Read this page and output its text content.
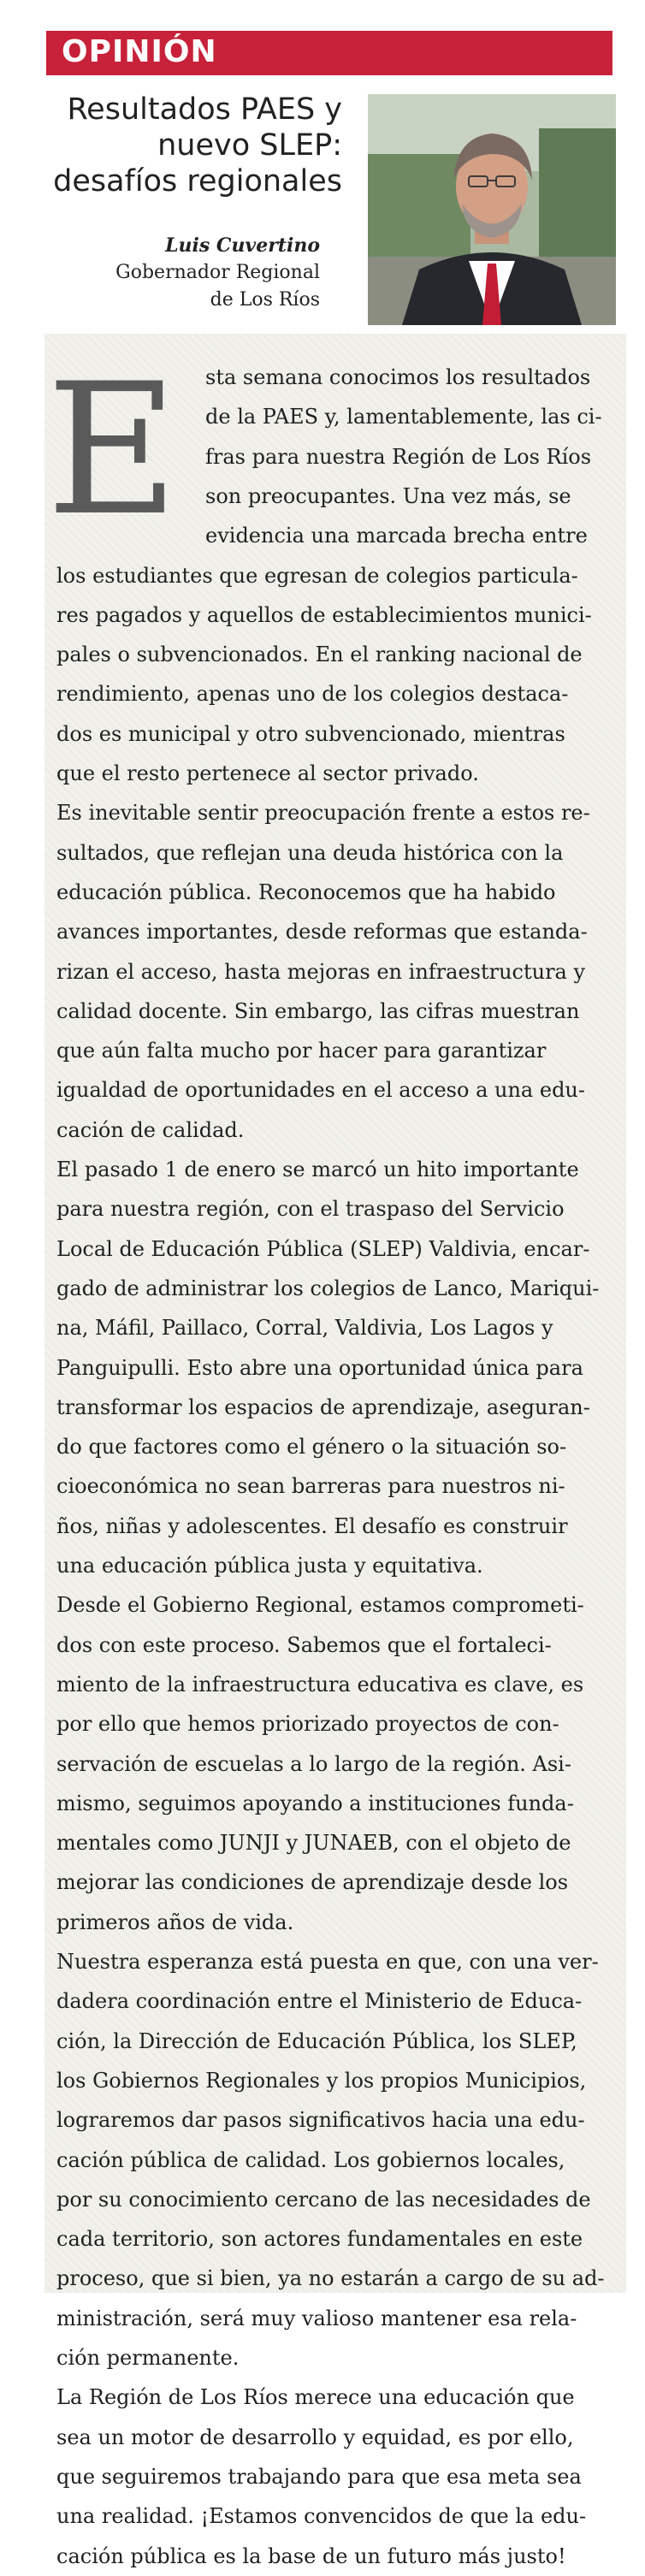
OPINIÓN
Resultados PAES y
nuevo SLEP:
desafíos regionales
Luis Cuvertino
Gobernador Regional
de Los Ríos
E sta semana conocimos los resultados
de la PAES y, lamentablemente, las ci-
fras para nuestra Región de Los Ríos
son preocupantes. Una vez más, se
evidencia una marcada brecha entre
los estudiantes que egresan de colegios particula-
res pagados y aquellos de establecimientos munici-
pales o subvencionados. En el ranking nacional de
rendimiento, apenas uno de los colegios destaca-
dos es municipal y otro subvencionado, mientras
que el resto pertenece al sector privado.
Es inevitable sentir preocupación frente a estos re-
sultados, que reflejan una deuda histórica con la
educación pública. Reconocemos que ha habido
avances importantes, desde reformas que estanda-
rizan el acceso, hasta mejoras en infraestructura y
calidad docente. Sin embargo, las cifras muestran
que aún falta mucho por hacer para garantizar
igualdad de oportunidades en el acceso a una edu-
cación de calidad.
El pasado 1 de enero se marcó un hito importante
para nuestra región, con el traspaso del Servicio
Local de Educación Pública (SLEP) Valdivia, encar-
gado de administrar los colegios de Lanco, Mariqui-
na, Máfil, Paillaco, Corral, Valdivia, Los Lagos y
Panguipulli. Esto abre una oportunidad única para
transformar los espacios de aprendizaje, aseguran-
do que factores como el género o la situación so-
cioeconómica no sean barreras para nuestros ni-
ños, niñas y adolescentes. El desafío es construir
una educación pública justa y equitativa.
Desde el Gobierno Regional, estamos comprometi-
dos con este proceso. Sabemos que el fortaleci-
miento de la infraestructura educativa es clave, es
por ello que hemos priorizado proyectos de con-
servación de escuelas a lo largo de la región. Asi-
mismo, seguimos apoyando a instituciones funda-
mentales como JUNJI y JUNAEB, con el objeto de
mejorar las condiciones de aprendizaje desde los
primeros años de vida.
Nuestra esperanza está puesta en que, con una ver-
dadera coordinación entre el Ministerio de Educa-
ción, la Dirección de Educación Pública, los SLEP,
los Gobiernos Regionales y los propios Municipios,
lograremos dar pasos significativos hacia una edu-
cación pública de calidad. Los gobiernos locales,
por su conocimiento cercano de las necesidades de
cada territorio, son actores fundamentales en este
proceso, que si bien, ya no estarán a cargo de su ad-
ministración, será muy valioso mantener esa rela-
ción permanente.
La Región de Los Ríos merece una educación que
sea un motor de desarrollo y equidad, es por ello,
que seguiremos trabajando para que esa meta sea
una realidad. ¡Estamos convencidos de que la edu-
cación pública es la base de un futuro más justo!
